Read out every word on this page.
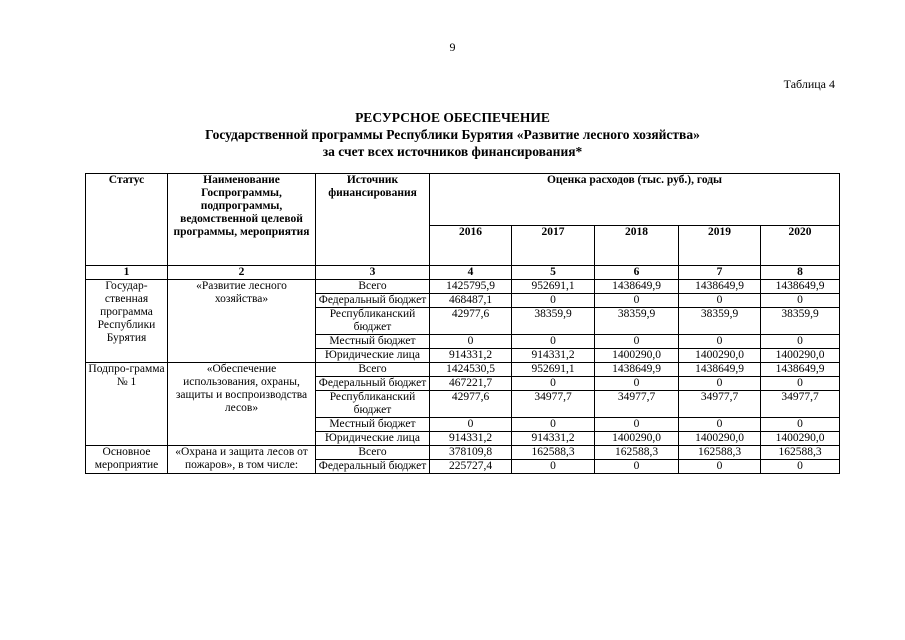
9
Таблица 4
РЕСУРСНОЕ ОБЕСПЕЧЕНИЕ
Государственной программы Республики Бурятия «Развитие лесного хозяйства»
за счет всех источников финансирования*
Статус	Наименование Госпрограммы, подпрограммы, ведомственной целевой программы, мероприятия	Источник финансирования	Оценка расходов (тыс. руб.), годы				
			2016	2017	2018	2019	2020
1	2	3	4	5	6	7	8
Государ-ственная программа Республики Бурятия	«Развитие лесного хозяйства»	Всего	1425795,9	952691,1	1438649,9	1438649,9	1438649,9
		Федеральный бюджет	468487,1	0	0	0	0
		Республиканский бюджет	42977,6	38359,9	38359,9	38359,9	38359,9
		Местный бюджет	0	0	0	0	0
		Юридические лица	914331,2	914331,2	1400290,0	1400290,0	1400290,0
Подпро-грамма № 1	«Обеспечение использования, охраны, защиты и воспроизводства лесов»	Всего	1424530,5	952691,1	1438649,9	1438649,9	1438649,9
		Федеральный бюджет	467221,7	0	0	0	0
		Республиканский бюджет	42977,6	34977,7	34977,7	34977,7	34977,7
		Местный бюджет	0	0	0	0	0
		Юридические лица	914331,2	914331,2	1400290,0	1400290,0	1400290,0
Основное мероприятие	«Охрана и защита лесов от пожаров», в том числе:	Всего	378109,8	162588,3	162588,3	162588,3	162588,3
		Федеральный бюджет	225727,4	0	0	0	0
